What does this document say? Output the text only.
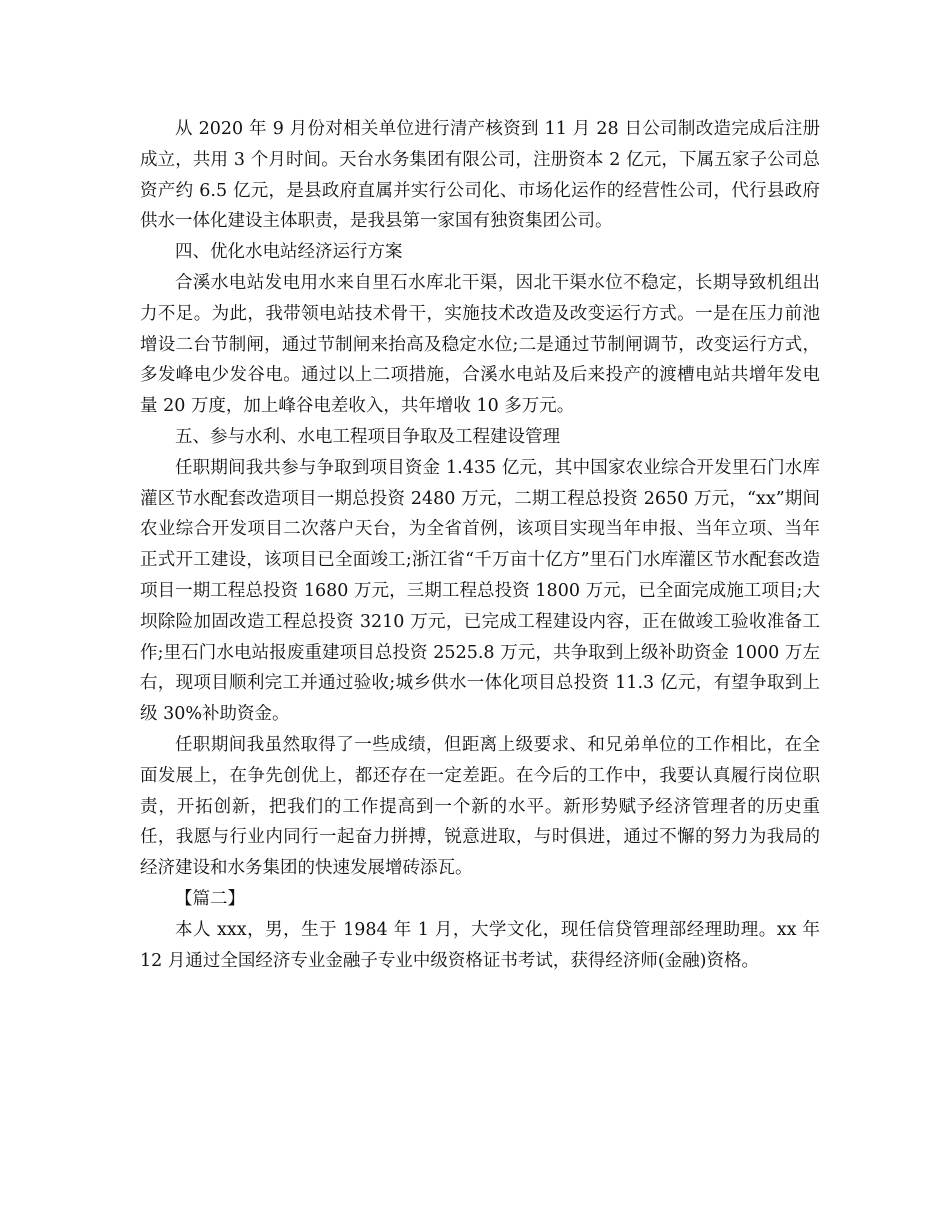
从 2020 年 9 月份对相关单位进行清产核资到 11 月 28 日公司制改造完成后注册成立，共用 3 个月时间。天台水务集团有限公司，注册资本 2 亿元，下属五家子公司总资产约 6.5 亿元，是县政府直属并实行公司化、市场化运作的经营性公司，代行县政府供水一体化建设主体职责，是我县第一家国有独资集团公司。

四、优化水电站经济运行方案

合溪水电站发电用水来自里石水库北干渠，因北干渠水位不稳定，长期导致机组出力不足。为此，我带领电站技术骨干，实施技术改造及改变运行方式。一是在压力前池增设二台节制闸，通过节制闸来抬高及稳定水位;二是通过节制闸调节，改变运行方式，多发峰电少发谷电。通过以上二项措施，合溪水电站及后来投产的渡槽电站共增年发电量 20 万度，加上峰谷电差收入，共年增收 10 多万元。

五、参与水利、水电工程项目争取及工程建设管理

任职期间我共参与争取到项目资金 1.435 亿元，其中国家农业综合开发里石门水库灌区节水配套改造项目一期总投资 2480 万元，二期工程总投资 2650 万元，“xx”期间农业综合开发项目二次落户天台，为全省首例，该项目实现当年申报、当年立项、当年正式开工建设，该项目已全面竣工;浙江省“千万亩十亿方”里石门水库灌区节水配套改造项目一期工程总投资 1680 万元，三期工程总投资 1800 万元，已全面完成施工项目;大坝除险加固改造工程总投资 3210 万元，已完成工程建设内容，正在做竣工验收准备工作;里石门水电站报废重建项目总投资 2525.8 万元，共争取到上级补助资金 1000 万左右，现项目顺利完工并通过验收;城乡供水一体化项目总投资 11.3 亿元，有望争取到上级 30%补助资金。

任职期间我虽然取得了一些成绩，但距离上级要求、和兄弟单位的工作相比，在全面发展上，在争先创优上，都还存在一定差距。在今后的工作中，我要认真履行岗位职责，开拓创新，把我们的工作提高到一个新的水平。新形势赋予经济管理者的历史重任，我愿与行业内同行一起奋力拼搏，锐意进取，与时俱进，通过不懈的努力为我局的经济建设和水务集团的快速发展增砖添瓦。

【篇二】

本人 xxx，男，生于 1984 年 1 月，大学文化，现任信贷管理部经理助理。xx 年 12 月通过全国经济专业金融子专业中级资格证书考试，获得经济师(金融)资格。
